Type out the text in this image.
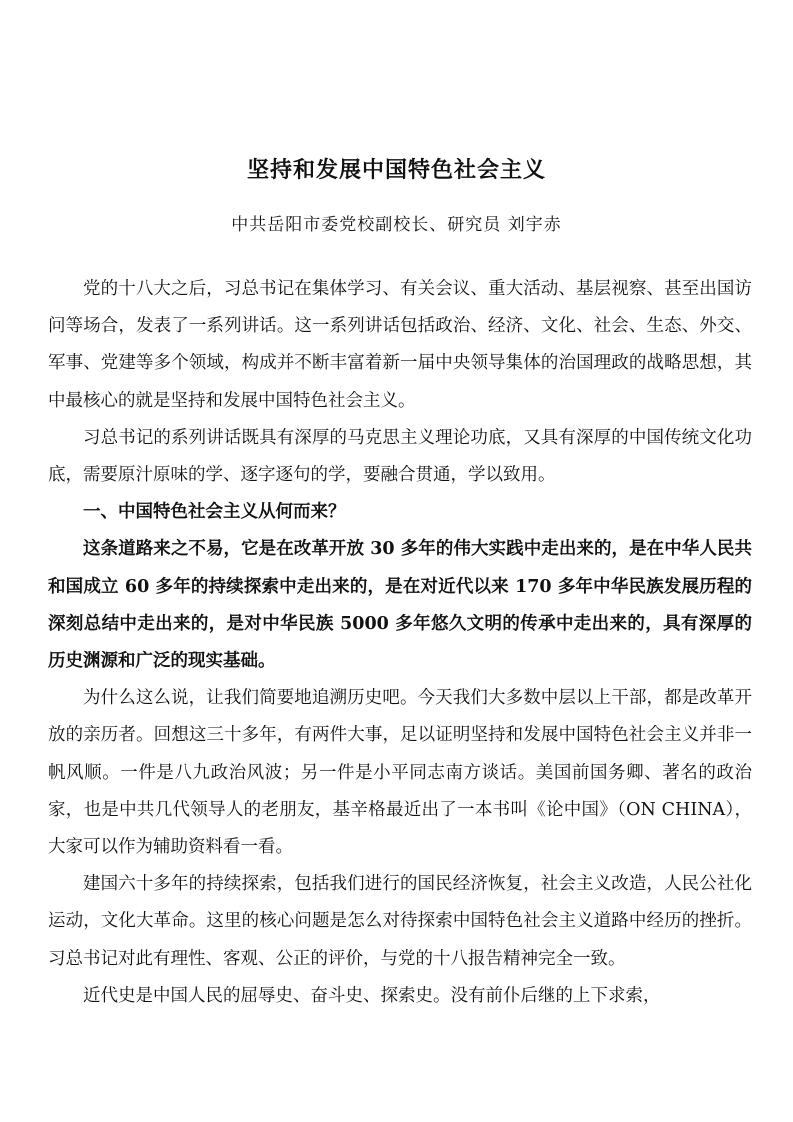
坚持和发展中国特色社会主义

中共岳阳市委党校副校长、研究员 刘宇赤

党的十八大之后，习总书记在集体学习、有关会议、重大活动、基层视察、甚至出国访问等场合，发表了一系列讲话。这一系列讲话包括政治、经济、文化、社会、生态、外交、军事、党建等多个领域，构成并不断丰富着新一届中央领导集体的治国理政的战略思想，其中最核心的就是坚持和发展中国特色社会主义。

习总书记的系列讲话既具有深厚的马克思主义理论功底，又具有深厚的中国传统文化功底，需要原汁原味的学、逐字逐句的学，要融合贯通，学以致用。

一、中国特色社会主义从何而来？

这条道路来之不易，它是在改革开放 30 多年的伟大实践中走出来的，是在中华人民共和国成立 60 多年的持续探索中走出来的，是在对近代以来 170 多年中华民族发展历程的深刻总结中走出来的，是对中华民族 5000 多年悠久文明的传承中走出来的，具有深厚的历史渊源和广泛的现实基础。

为什么这么说，让我们简要地追溯历史吧。今天我们大多数中层以上干部，都是改革开放的亲历者。回想这三十多年，有两件大事，足以证明坚持和发展中国特色社会主义并非一帆风顺。一件是八九政治风波；另一件是小平同志南方谈话。美国前国务卿、著名的政治家，也是中共几代领导人的老朋友，基辛格最近出了一本书叫《论中国》（ON CHINA），大家可以作为辅助资料看一看。

建国六十多年的持续探索，包括我们进行的国民经济恢复，社会主义改造，人民公社化运动，文化大革命。这里的核心问题是怎么对待探索中国特色社会主义道路中经历的挫折。习总书记对此有理性、客观、公正的评价，与党的十八报告精神完全一致。

近代史是中国人民的屈辱史、奋斗史、探索史。没有前仆后继的上下求索，
